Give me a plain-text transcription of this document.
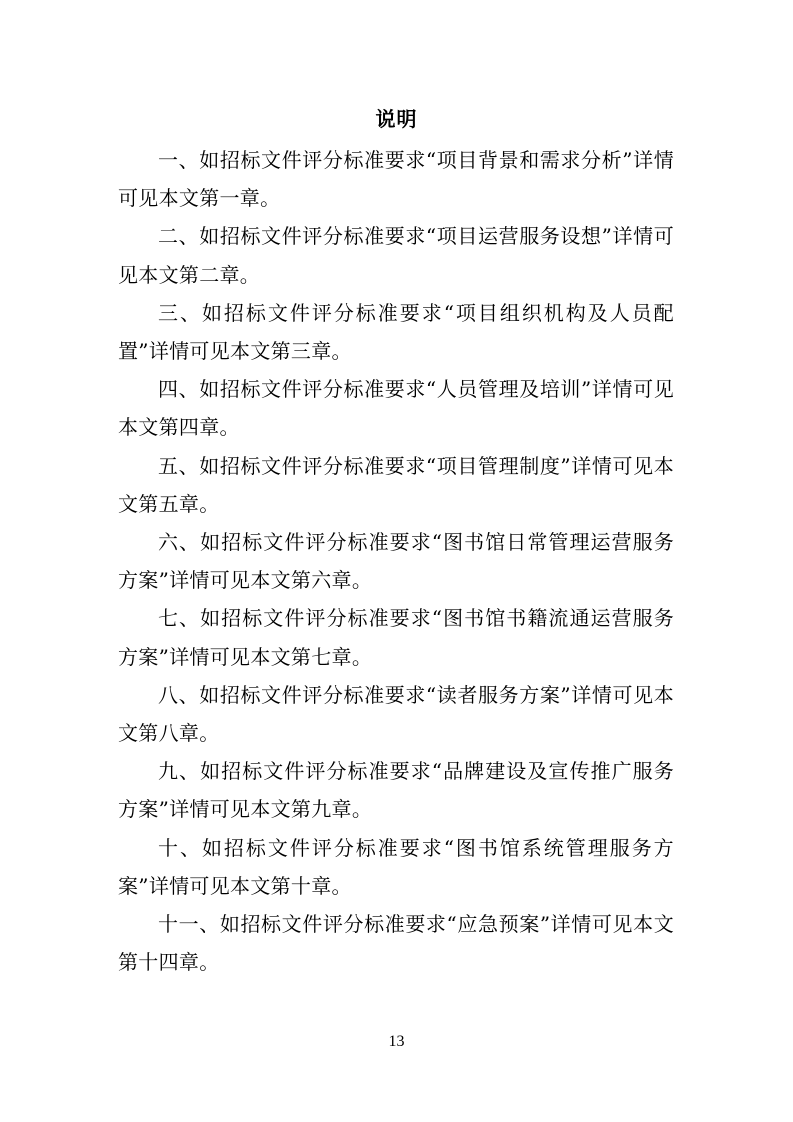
说明

一、如招标文件评分标准要求“项目背景和需求分析”详情可见本文第一章。

二、如招标文件评分标准要求“项目运营服务设想”详情可见本文第二章。

三、如招标文件评分标准要求“项目组织机构及人员配置”详情可见本文第三章。

四、如招标文件评分标准要求“人员管理及培训”详情可见本文第四章。

五、如招标文件评分标准要求“项目管理制度”详情可见本文第五章。

六、如招标文件评分标准要求“图书馆日常管理运营服务方案”详情可见本文第六章。

七、如招标文件评分标准要求“图书馆书籍流通运营服务方案”详情可见本文第七章。

八、如招标文件评分标准要求“读者服务方案”详情可见本文第八章。

九、如招标文件评分标准要求“品牌建设及宣传推广服务方案”详情可见本文第九章。

十、如招标文件评分标准要求“图书馆系统管理服务方案”详情可见本文第十章。

十一、如招标文件评分标准要求“应急预案”详情可见本文第十四章。

13
